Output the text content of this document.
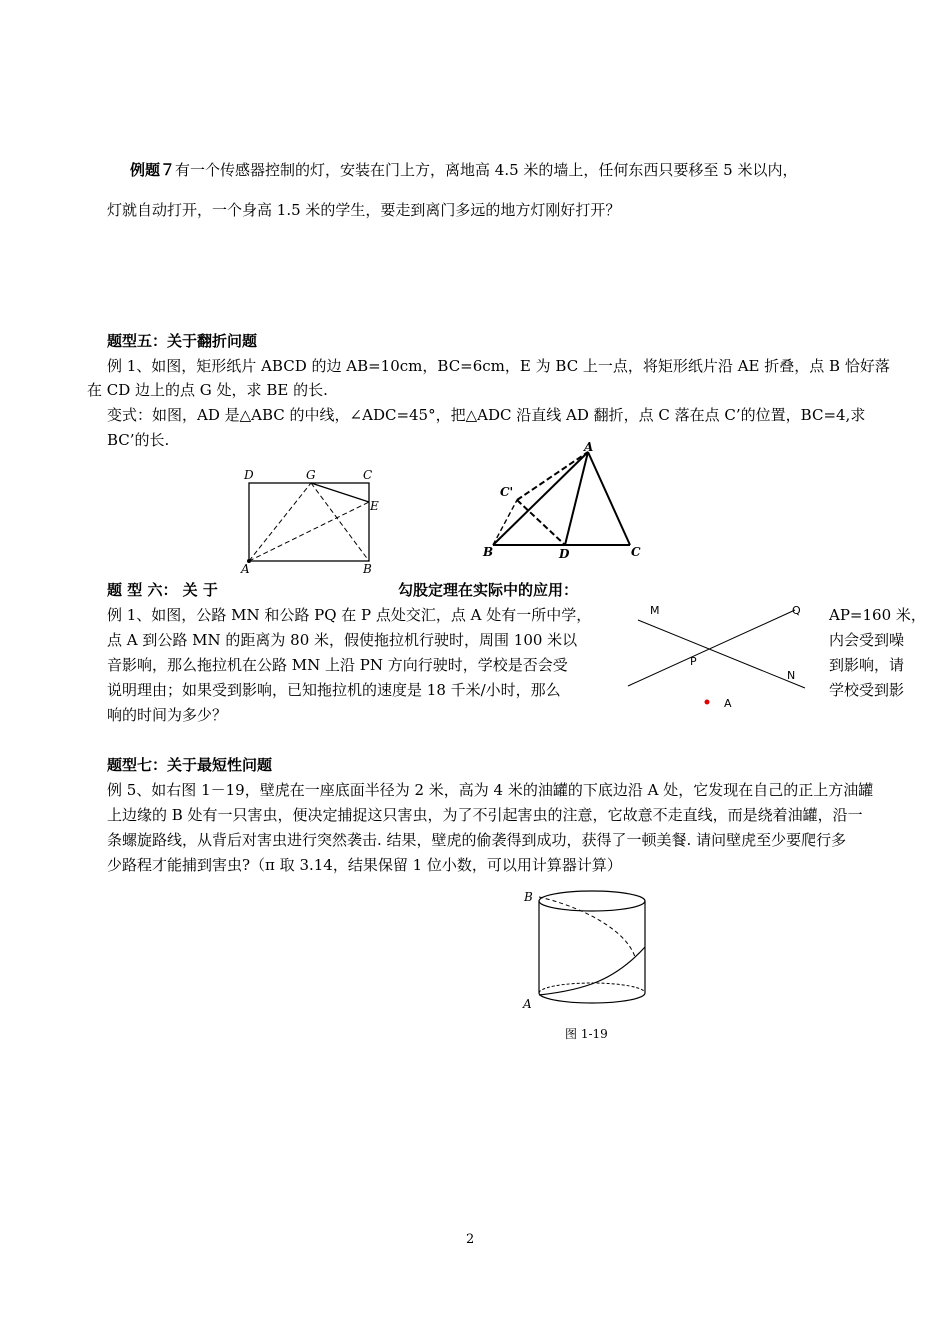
例题７有一个传感器控制的灯，安装在门上方，离地高 4.5 米的墙上，任何东西只要移至 5 米以内，
灯就自动打开，一个身高 1.5 米的学生，要走到离门多远的地方灯刚好打开？
题型五：关于翻折问题
例 1、如图，矩形纸片 ABCD 的边 AB=10cm，BC=6cm，E 为 BC 上一点，将矩形纸片沿 AE 折叠，点 B 恰好落
在 CD 边上的点 G 处，求 BE 的长.
变式：如图，AD 是△ABC 的中线，∠ADC=45°，把△ADC 沿直线 AD 翻折，点 C 落在点 C’的位置，BC=4,求
BC’的长.
D	G	C
E
A	B
A
C'
B	D	C
题 型 六： 关 于	勾股定理在实际中的应用：
例 1、如图，公路 MN 和公路 PQ 在 P 点处交汇，点 A 处有一所中学，	AP=160 米，
点 A 到公路 MN 的距离为 80 米，假使拖拉机行驶时，周围 100 米以	内会受到噪
音影响，那么拖拉机在公路 MN 上沿 PN 方向行驶时，学校是否会受	到影响，请
说明理由；如果受到影响，已知拖拉机的速度是 18 千米/小时，那么	学校受到影
响的时间为多少？
M	Q
P
N
A
题型七：关于最短性问题
例 5、如右图 1－19，壁虎在一座底面半径为 2 米，高为 4 米的油罐的下底边沿 A 处，它发现在自己的正上方油罐
上边缘的 B 处有一只害虫，便决定捕捉这只害虫，为了不引起害虫的注意，它故意不走直线，而是绕着油罐，沿一
条螺旋路线，从背后对害虫进行突然袭击. 结果，壁虎的偷袭得到成功，获得了一顿美餐. 请问壁虎至少要爬行多
少路程才能捕到害虫?（π 取 3.14，结果保留 1 位小数，可以用计算器计算）
B
A
图 1-19
2
